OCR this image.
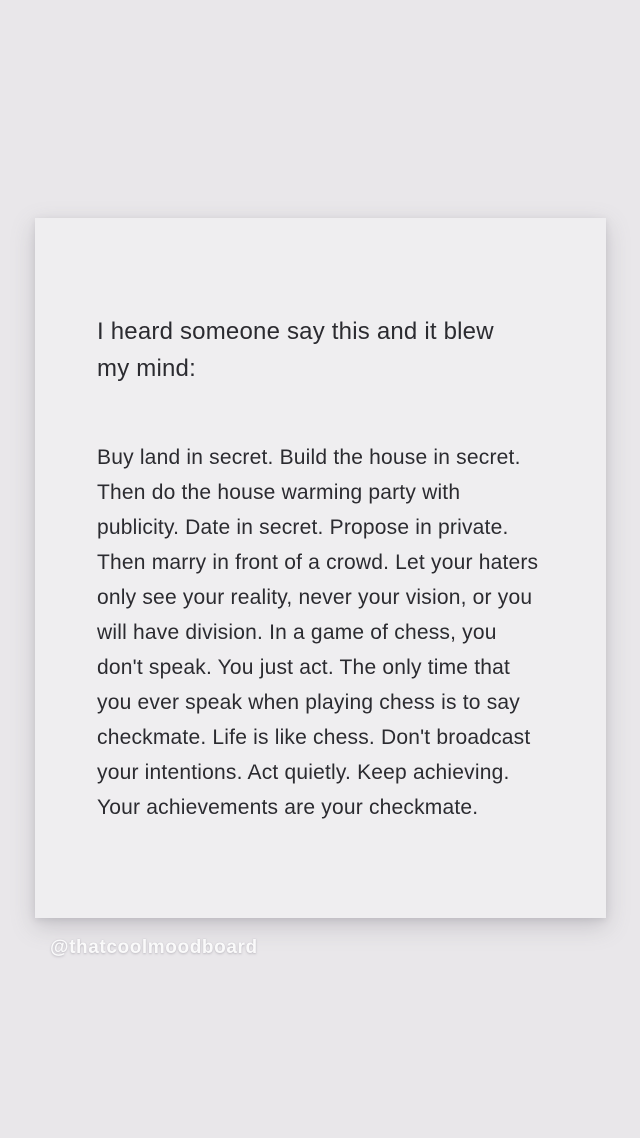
I heard someone say this and it blew
my mind:
Buy land in secret. Build the house in secret.
Then do the house warming party with
publicity. Date in secret. Propose in private.
Then marry in front of a crowd. Let your haters
only see your reality, never your vision, or you
will have division. In a game of chess, you
don't speak. You just act. The only time that
you ever speak when playing chess is to say
checkmate. Life is like chess. Don't broadcast
your intentions. Act quietly. Keep achieving.
Your achievements are your checkmate.
@thatcoolmoodboard
